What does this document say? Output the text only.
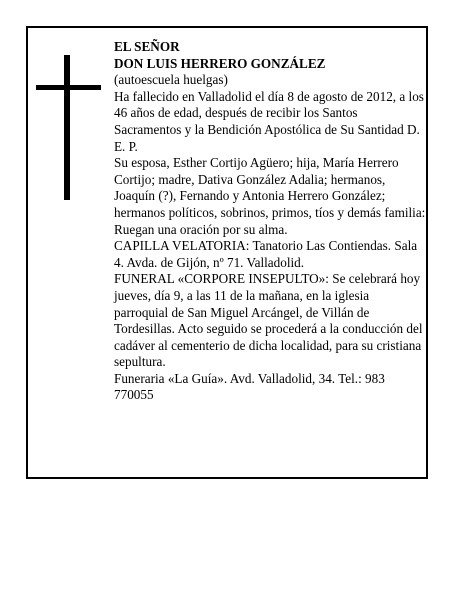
EL SEÑOR

DON LUIS HERRERO GONZÁLEZ

(autoescuela huelgas)

Ha fallecido en Valladolid el día 8 de agosto de 2012, a los 46 años de edad, después de recibir los Santos Sacramentos y la Bendición Apostólica de Su Santidad D. E. P.

Su esposa, Esther Cortijo Agüero; hija, María Herrero Cortijo; madre, Dativa González Adalia; hermanos, Joaquín (?), Fernando y Antonia Herrero González; hermanos políticos, sobrinos, primos, tíos y demás familia:

Ruegan una oración por su alma.

CAPILLA VELATORIA: Tanatorio Las Contiendas. Sala 4. Avda. de Gijón, nº 71. Valladolid.

FUNERAL «CORPORE INSEPULTO»: Se celebrará hoy jueves, día 9, a las 11 de la mañana, en la iglesia parroquial de San Miguel Arcángel, de Villán de Tordesillas. Acto seguido se procederá a la conducción del cadáver al cementerio de dicha localidad, para su cristiana sepultura.

Funeraria «La Guía». Avd. Valladolid, 34. Tel.: 983 770055
